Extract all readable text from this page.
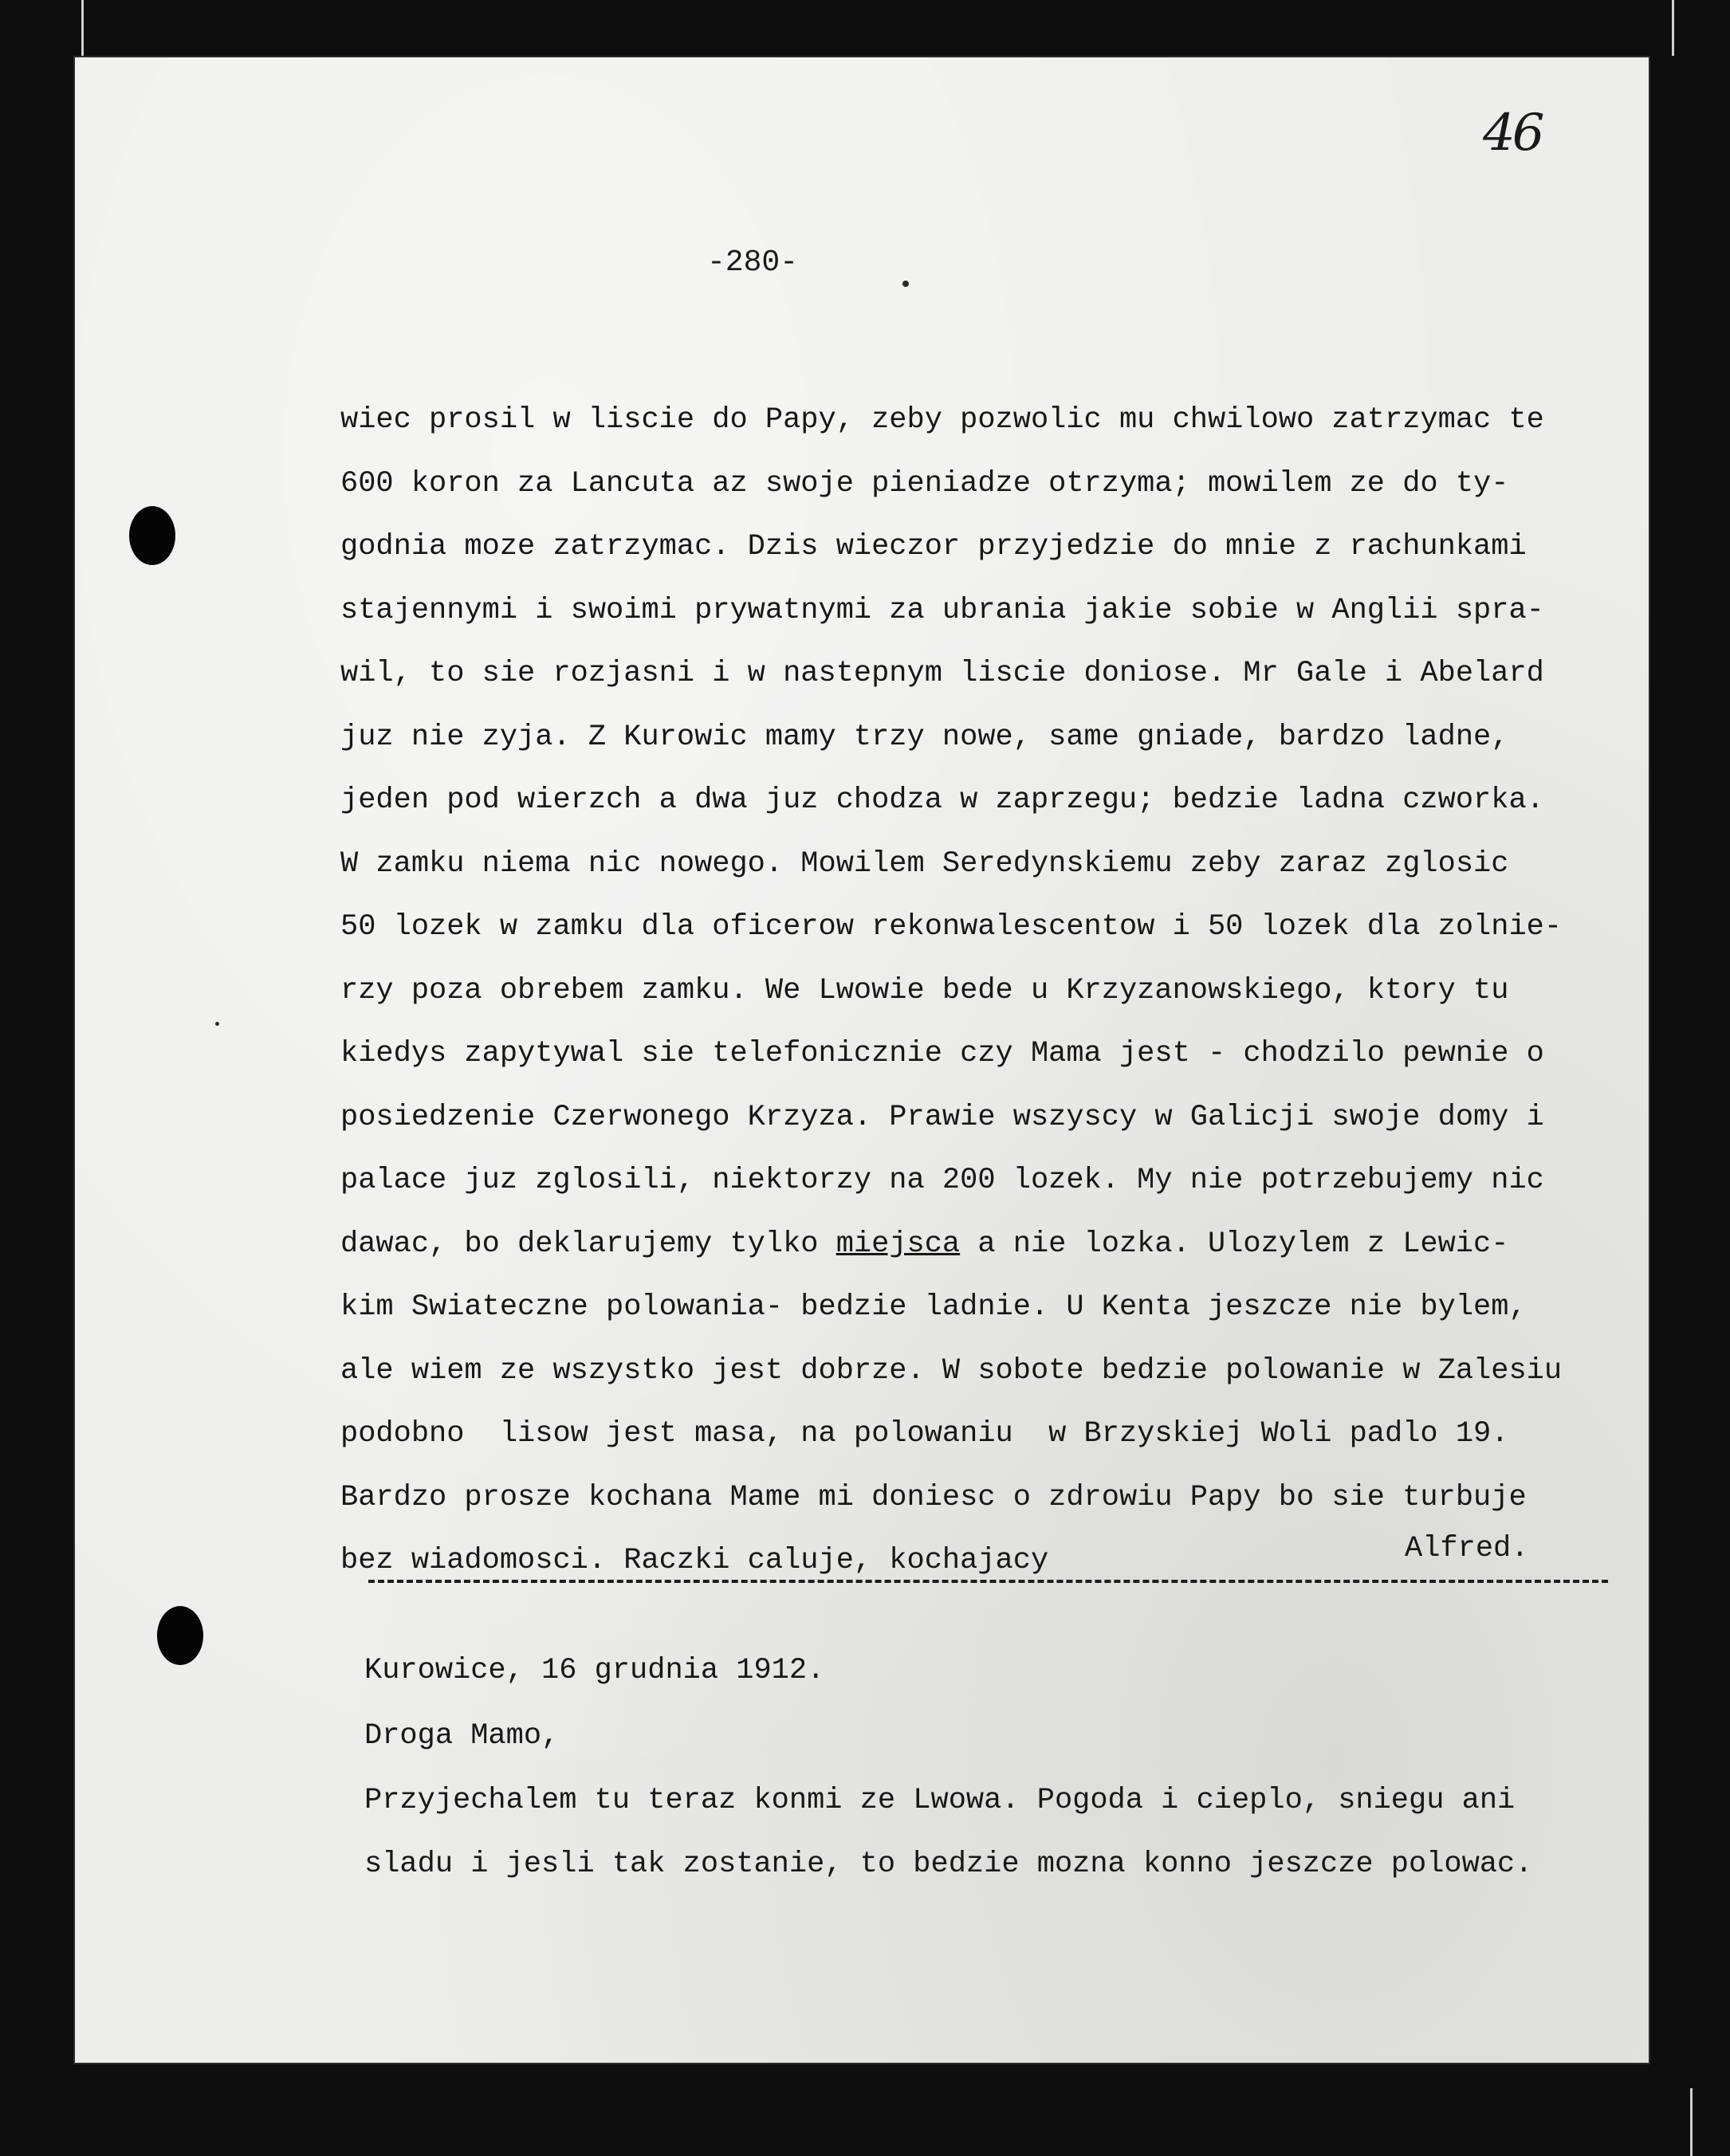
46
-280-
wiec prosil w liscie do Papy, zeby pozwolic mu chwilowo zatrzymac te
600 koron za Lancuta az swoje pieniadze otrzyma; mowilem ze do ty-
godnia moze zatrzymac. Dzis wieczor przyjedzie do mnie z rachunkami
stajennymi i swoimi prywatnymi za ubrania jakie sobie w Anglii spra-
wil, to sie rozjasni i w nastepnym liscie doniose. Mr Gale i Abelard
juz nie zyja. Z Kurowic mamy trzy nowe, same gniade, bardzo ladne,
jeden pod wierzch a dwa juz chodza w zaprzegu; bedzie ladna czworka.
W zamku niema nic nowego. Mowilem Seredynskiemu zeby zaraz zglosic
50 lozek w zamku dla oficerow rekonwalescentow i 50 lozek dla zolnie-
rzy poza obrebem zamku. We Lwowie bede u Krzyzanowskiego, ktory tu
kiedys zapytywal sie telefonicznie czy Mama jest - chodzilo pewnie o
posiedzenie Czerwonego Krzyza. Prawie wszyscy w Galicji swoje domy i
palace juz zglosili, niektorzy na 200 lozek. My nie potrzebujemy nic
dawac, bo deklarujemy tylko miejsca a nie lozka. Ulozylem z Lewic-
kim Swiateczne polowania- bedzie ladnie. U Kenta jeszcze nie bylem,
ale wiem ze wszystko jest dobrze. W sobote bedzie polowanie w Zalesiu
podobno  lisow jest masa, na polowaniu  w Brzyskiej Woli padlo 19.
Bardzo prosze kochana Mame mi doniesc o zdrowiu Papy bo sie turbuje
bez wiadomosci. Raczki caluje, kochajacy	Alfred.
Kurowice, 16 grudnia 1912.
Droga Mamo,
Przyjechalem tu teraz konmi ze Lwowa. Pogoda i cieplo, sniegu ani
sladu i jesli tak zostanie, to bedzie mozna konno jeszcze polowac.
